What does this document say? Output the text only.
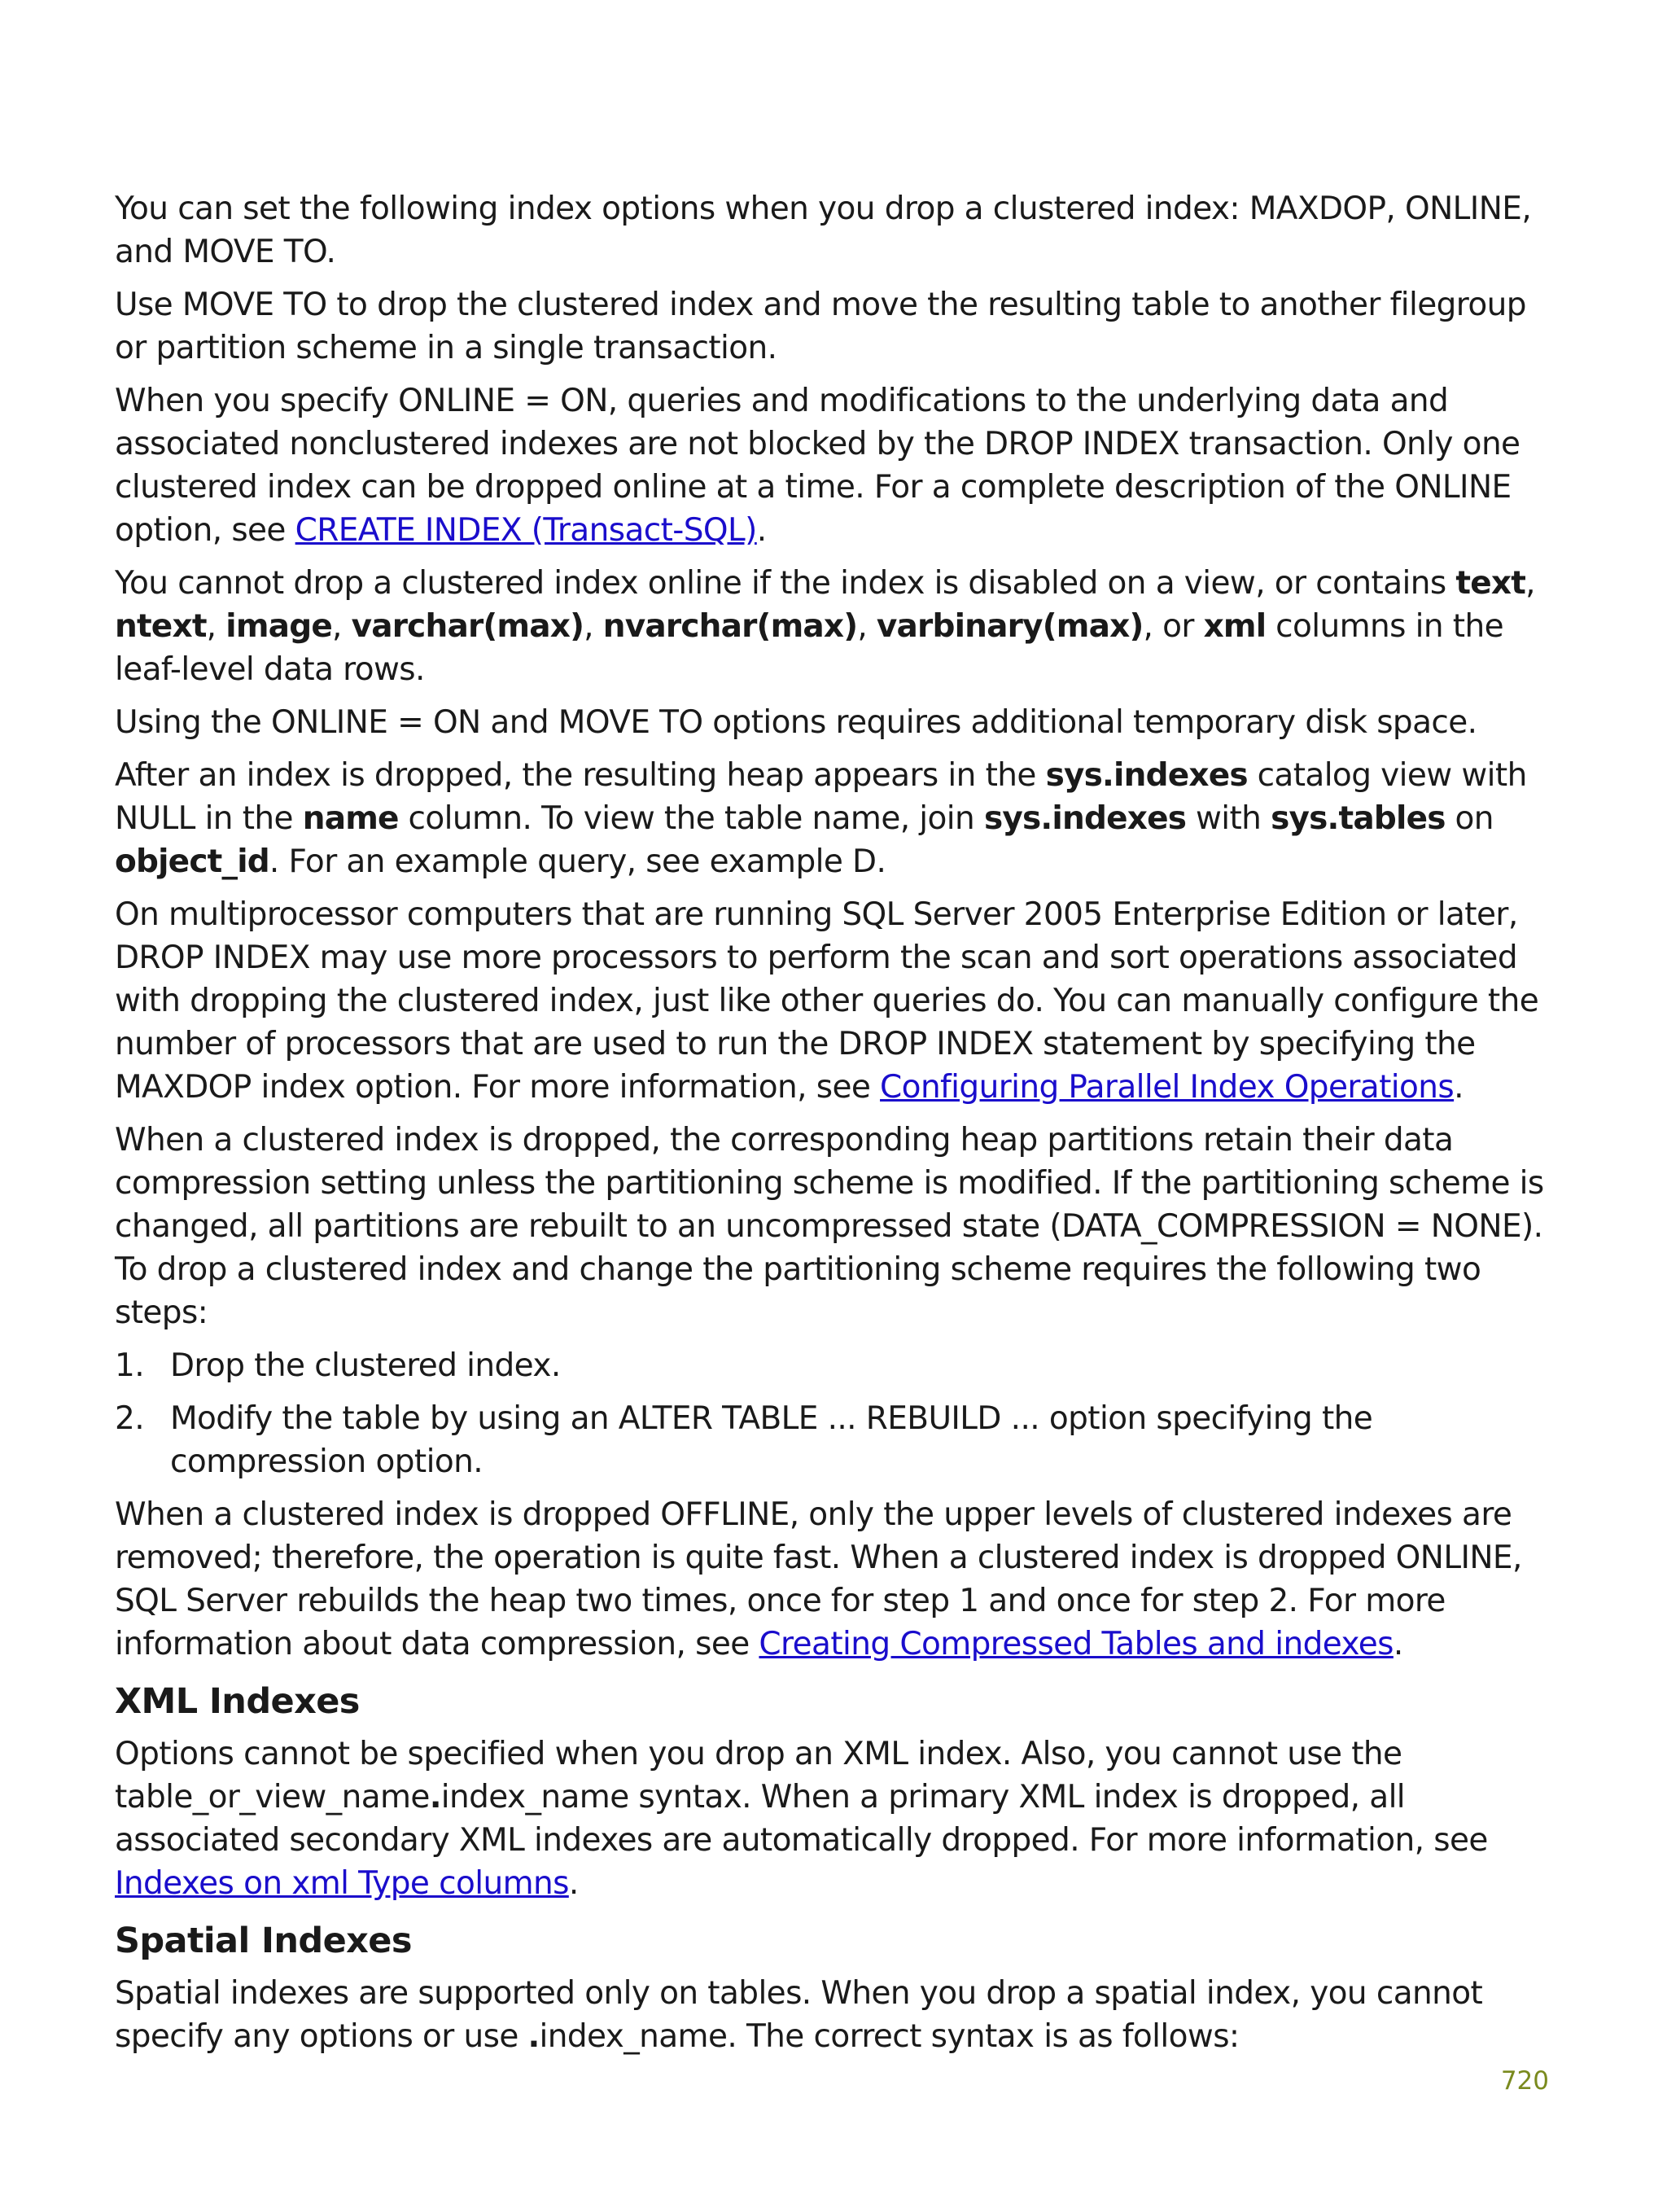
You can set the following index options when you drop a clustered index: MAXDOP, ONLINE, and MOVE TO.

Use MOVE TO to drop the clustered index and move the resulting table to another filegroup or partition scheme in a single transaction.

When you specify ONLINE = ON, queries and modifications to the underlying data and associated nonclustered indexes are not blocked by the DROP INDEX transaction. Only one clustered index can be dropped online at a time. For a complete description of the ONLINE option, see CREATE INDEX (Transact-SQL).

You cannot drop a clustered index online if the index is disabled on a view, or contains text, ntext, image, varchar(max), nvarchar(max), varbinary(max), or xml columns in the leaf-level data rows.

Using the ONLINE = ON and MOVE TO options requires additional temporary disk space.

After an index is dropped, the resulting heap appears in the sys.indexes catalog view with NULL in the name column. To view the table name, join sys.indexes with sys.tables on object_id. For an example query, see example D.

On multiprocessor computers that are running SQL Server 2005 Enterprise Edition or later, DROP INDEX may use more processors to perform the scan and sort operations associated with dropping the clustered index, just like other queries do. You can manually configure the number of processors that are used to run the DROP INDEX statement by specifying the MAXDOP index option. For more information, see Configuring Parallel Index Operations.

When a clustered index is dropped, the corresponding heap partitions retain their data compression setting unless the partitioning scheme is modified. If the partitioning scheme is changed, all partitions are rebuilt to an uncompressed state (DATA_COMPRESSION = NONE). To drop a clustered index and change the partitioning scheme requires the following two steps:

1. Drop the clustered index.
2. Modify the table by using an ALTER TABLE ... REBUILD ... option specifying the compression option.

When a clustered index is dropped OFFLINE, only the upper levels of clustered indexes are removed; therefore, the operation is quite fast. When a clustered index is dropped ONLINE, SQL Server rebuilds the heap two times, once for step 1 and once for step 2. For more information about data compression, see Creating Compressed Tables and indexes.

XML Indexes

Options cannot be specified when you drop an XML index. Also, you cannot use the table_or_view_name.index_name syntax. When a primary XML index is dropped, all associated secondary XML indexes are automatically dropped. For more information, see Indexes on xml Type columns.

Spatial Indexes

Spatial indexes are supported only on tables. When you drop a spatial index, you cannot specify any options or use .index_name. The correct syntax is as follows:

720
